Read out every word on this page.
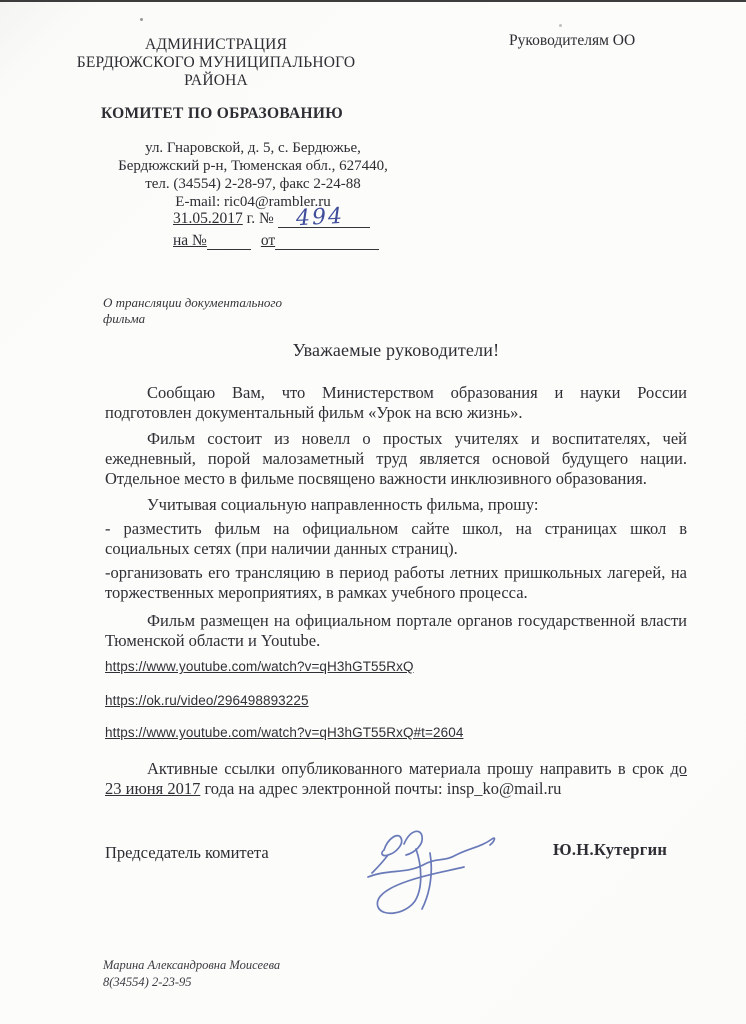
Руководителям ОО
АДМИНИСТРАЦИЯ
БЕРДЮЖСКОГО МУНИЦИПАЛЬНОГО
РАЙОНА
КОМИТЕТ ПО ОБРАЗОВАНИЮ
ул. Гнаровской, д. 5, с. Бердюжье,
Бердюжский р-н, Тюменская обл., 627440,
тел. (34554) 2-28-97, факс 2-24-88
E-mail: ric04@rambler.ru
31.05.2017 г. № 494
на №	от
О трансляции документального фильма
Уважаемые руководители!

Сообщаю Вам, что Министерством образования и науки России подготовлен документальный фильм «Урок на всю жизнь».

Фильм состоит из новелл о простых учителях и воспитателях, чей ежедневный, порой малозаметный труд является основой будущего нации. Отдельное место в фильме посвящено важности инклюзивного образования.

Учитывая социальную направленность фильма, прошу:

- разместить фильм на официальном сайте школ, на страницах школ в социальных сетях (при наличии данных страниц).

-организовать его трансляцию в период работы летних пришкольных лагерей, на торжественных мероприятиях, в рамках учебного процесса.

Фильм размещен на официальном портале органов государственной власти Тюменской области и Youtube.

https://www.youtube.com/watch?v=qH3hGT55RxQ

https://ok.ru/video/296498893225

https://www.youtube.com/watch?v=qH3hGT55RxQ#t=2604

Активные ссылки опубликованного материала прошу направить в срок до 23 июня 2017 года на адрес электронной почты: insp_ko@mail.ru

Председатель комитета	Ю.Н.Кутергин
Марина Александровна Моисеева
8(34554) 2-23-95
